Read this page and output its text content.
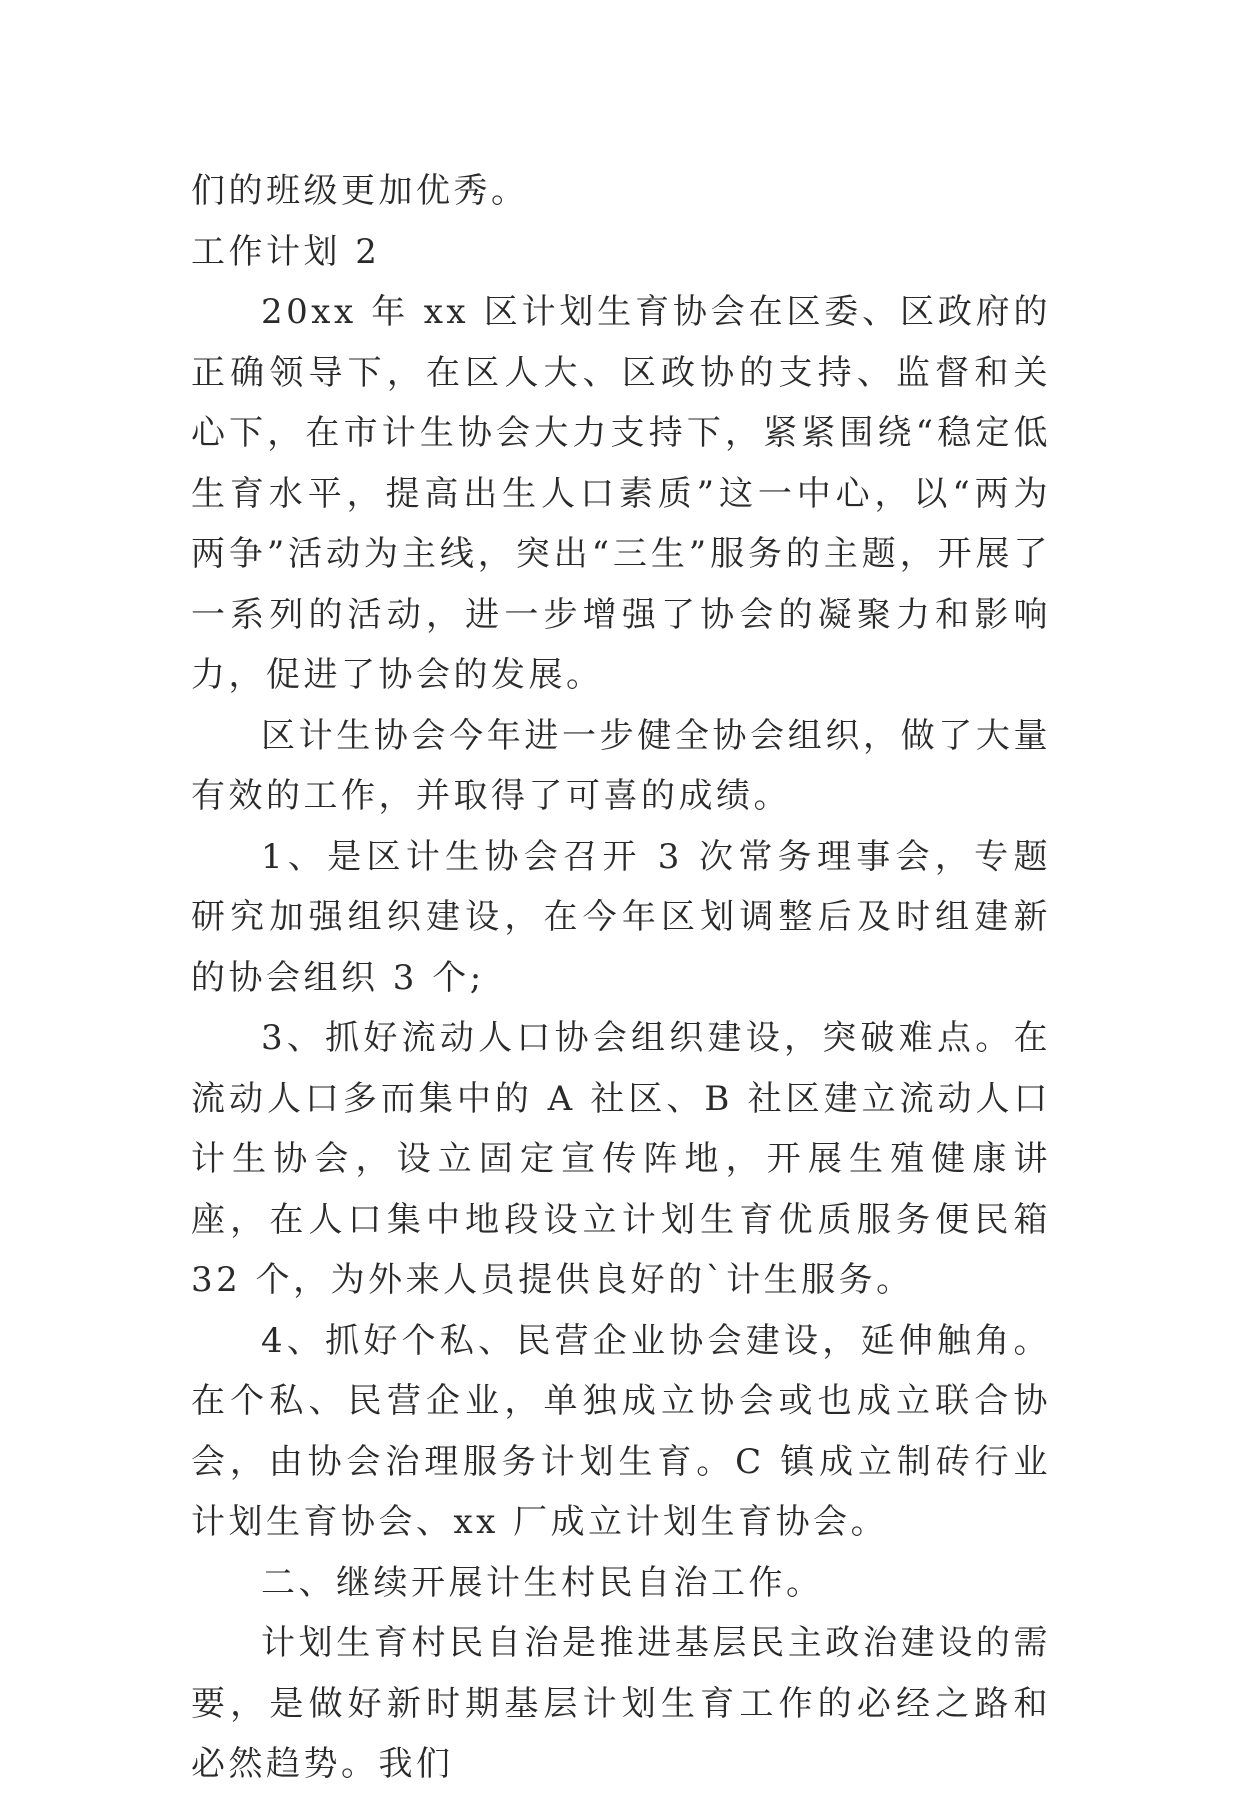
们的班级更加优秀。

工作计划 2

20xx 年 xx 区计划生育协会在区委、区政府的正确领导下，在区人大、区政协的支持、监督和关心下，在市计生协会大力支持下，紧紧围绕“稳定低生育水平，提高出生人口素质”这一中心，以“两为两争”活动为主线，突出“三生”服务的主题，开展了一系列的活动，进一步增强了协会的凝聚力和影响力，促进了协会的发展。

区计生协会今年进一步健全协会组织，做了大量有效的工作，并取得了可喜的成绩。

1、是区计生协会召开 3 次常务理事会，专题研究加强组织建设，在今年区划调整后及时组建新的协会组织 3 个;

3、抓好流动人口协会组织建设，突破难点。在流动人口多而集中的 A 社区、B 社区建立流动人口计生协会，设立固定宣传阵地，开展生殖健康讲座，在人口集中地段设立计划生育优质服务便民箱 32 个，为外来人员提供良好的`计生服务。

4、抓好个私、民营企业协会建设，延伸触角。在个私、民营企业，单独成立协会或也成立联合协会，由协会治理服务计划生育。C 镇成立制砖行业计划生育协会、xx 厂成立计划生育协会。

二、继续开展计生村民自治工作。

计划生育村民自治是推进基层民主政治建设的需要，是做好新时期基层计划生育工作的必经之路和必然趋势。我们
